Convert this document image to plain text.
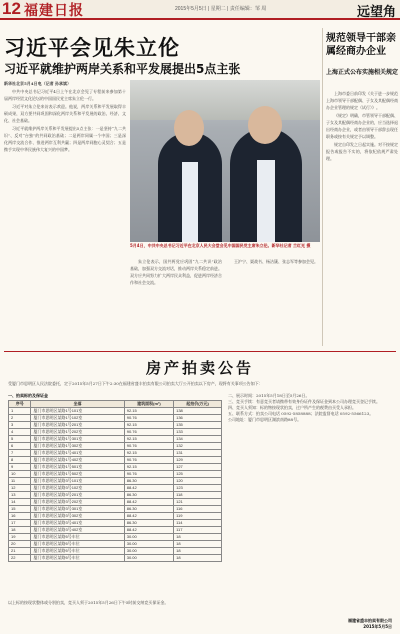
12 福建日报	2015年5月5日 | 星期二 | 责任编辑：邹 周	远望角
习近平会见朱立伦
习近平就维护两岸关系和平发展提出5点主张

新华社北京5月4日电（记者 孙承斌）

中共中央总书记习近平4日上午在北京会见了专程前来参加第十届两岸经贸文化论坛的中国国民党主席朱立伦一行。

习近平对朱立伦来访表示欢迎。他说，两岸关系和平发展取得丰硕成果，双方要共同巩固和深化两岸关系和平发展的政治、经济、文化、社会基础。

习近平就维护两岸关系和平发展提出5点主张：一是坚持“九二共识”、反对“台独”的共同政治基础；二是两岸同属一个中国；三是深化两岸交流合作、推进两岸互利共赢；四是两岸同胞心灵契合；五是携手实现中华民族伟大复兴的中国梦。

5月4日，中共中央总书记习近平在北京人民大会堂会见中国国民党主席朱立伦。新华社记者 兰红光 摄

朱立伦表示，国共两党应巩固“九二共识”政治基础，加强双方交流对话，推动两岸关系稳定前进。双方应共同努力扩大两岸民众利益，促进两岸经济合作和社会交流。

王沪宁、栗战书、杨洁篪、张志军等参加会见。

规范领导干部亲属经商办企业
上海正式公布实施相关规定

上海市委日前印发《关于进一步规范上海市领导干部配偶、子女及其配偶经商办企业管理的规定（试行）》。

《规定》明确，市管领导干部配偶、子女及其配偶经商办企业的，应当选择退出经商办企业，或者由领导干部辞去现任职务或按有关规定予以调整。

规定自印发之日起实施。对不按规定报告或报告不实的，将依纪依规严肃处理。

房产拍卖公告
受厦门市思明区人民法院委托，定于2015年5月27日下午2:30在福建省盛丰拍卖有限公司拍卖大厅公开拍卖以下房产，现将有关事项公告如下：
一、拍卖标的及保证金
序号	坐落	建筑面积(m²)	起拍价(万元)
1	厦门市思明区某路1号101室	92.15	138
2	厦门市思明区某路1号102室	90.76	136
3	厦门市思明区某路1号201室	92.15	135
4	厦门市思明区某路1号202室	90.76	133
5	厦门市思明区某路1号301室	92.15	134
6	厦门市思明区某路1号302室	90.76	132
7	厦门市思明区某路1号401室	92.15	131
8	厦门市思明区某路1号402室	90.76	129
9	厦门市思明区某路1号501室	92.15	127
10	厦门市思明区某路1号502室	90.76	125
11	厦门市思明区某路3号101室	86.30	120
12	厦门市思明区某路3号102室	88.42	123
13	厦门市思明区某路3号201室	86.30	118
14	厦门市思明区某路3号202室	88.42	121
15	厦门市思明区某路3号301室	86.30	116
16	厦门市思明区某路3号302室	88.42	119
17	厦门市思明区某路3号401室	86.30	114
18	厦门市思明区某路3号402室	88.42	117
19	厦门市思明区某路5号车位	30.00	18
20	厦门市思明区某路5号车位	30.00	18
21	厦门市思明区某路5号车位	30.00	18
22	厦门市思明区某路5号车位	30.00	18
以上标的按现状整体或分别拍卖，竞买人须于2015年5月26日下午5时前交纳竞买保证金。

二、展示时间：2015年5月18日至5月26日。

三、竞买手续：有意竞买者请携带有效身份证件及保证金到本公司办理竞买登记手续。

四、竞买人须知：标的物按现状拍卖，过户所产生的税费由买受人承担。

五、联系方式：拍卖公司电话 0592-5858888；法院监督电话 0592-5566123。

公司地址：厦门市思明区湖滨南路88号。

福建省盛丰拍卖有限公司
2015年5月5日
